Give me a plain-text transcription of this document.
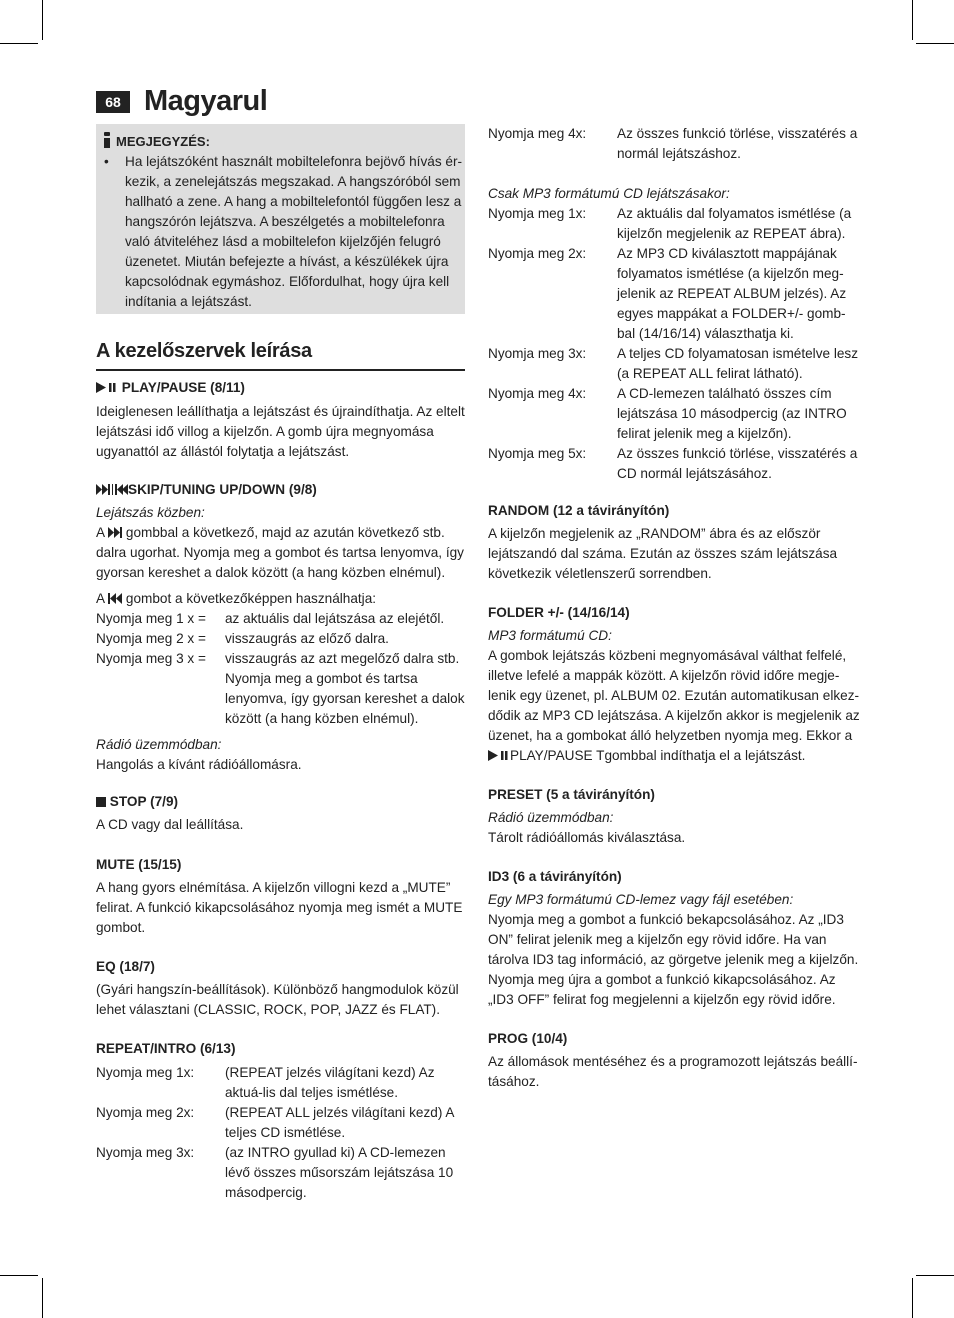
68 Magyarul
MEGJEGYZÉS:
• Ha lejátszóként használt mobiltelefonra bejövő hívás ér-kezik, a zenelejátszás megszakad. A hangszóróból sem hallható a zene. A hang a mobiltelefontól függően lesz a hangszórón lejátszva. A beszélgetés a mobiltelefonra való átviteléhez lásd a mobiltelefon kijelzőjén felugró üzenetet. Miután befejezte a hívást, a készülékek újra kapcsolódnak egymáshoz. Előfordulhat, hogy újra kell indítania a lejátszást.
A kezelőszervek leírása
PLAY/PAUSE (8/11)

Ideiglenesen leállíthatja a lejátszást és újraindíthatja. Az eltelt lejátszási idő villog a kijelzőn. A gomb újra megnyomása ugyanattól az állástól folytatja a lejátszást.

SKIP/TUNING UP/DOWN (9/8)

Lejátszás közben:

A gombbal a következő, majd az azután következő stb. dalra ugorhat. Nyomja meg a gombot és tartsa lenyomva, így gyorsan kereshet a dalok között (a hang közben elnémul).

A gombot a következőképpen használhatja:

Nyomja meg 1 x = az aktuális dal lejátszása az elejétől.
Nyomja meg 2 x = visszaugrás az előző dalra.
Nyomja meg 3 x = visszaugrás az azt megelőző dalra stb. Nyomja meg a gombot és tartsa lenyomva, így gyorsan kereshet a dalok között (a hang közben elnémul).

Rádió üzemmódban:

Hangolás a kívánt rádióállomásra.

STOP (7/9)

A CD vagy dal leállítása.

MUTE (15/15)

A hang gyors elnémítása. A kijelzőn villogni kezd a „MUTE” felirat. A funkció kikapcsolásához nyomja meg ismét a MUTE gombot.

EQ (18/7)

(Gyári hangszín-beállítások). Különböző hangmodulok közül lehet választani (CLASSIC, ROCK, POP, JAZZ és FLAT).

REPEAT/INTRO (6/13)
Nyomja meg 1x: (REPEAT jelzés világítani kezd) Az aktuá-lis dal teljes ismétlése.
Nyomja meg 2x: (REPEAT ALL jelzés világítani kezd) A teljes CD ismétlése.
Nyomja meg 3x: (az INTRO gyullad ki) A CD-lemezen lévő összes műsorszám lejátszása 10 másodpercig.
Nyomja meg 4x: Az összes funkció törlése, visszatérés a normál lejátszáshoz.

Csak MP3 formátumú CD lejátszásakor:

Nyomja meg 1x: Az aktuális dal folyamatos ismétlése (a kijelzőn megjelenik az REPEAT ábra).
Nyomja meg 2x: Az MP3 CD kiválasztott mappájának folyamatos ismétlése (a kijelzőn meg-jelenik az REPEAT ALBUM jelzés). Az egyes mappákat a FOLDER+/- gomb-bal (14/16/14) választhatja ki.
Nyomja meg 3x: A teljes CD folyamatosan ismételve lesz (a REPEAT ALL felirat látható).
Nyomja meg 4x: A CD-lemezen található összes cím lejátszása 10 másodpercig (az INTRO felirat jelenik meg a kijelzőn).
Nyomja meg 5x: Az összes funkció törlése, visszatérés a CD normál lejátszásához.
RANDOM (12 a távirányítón)

A kijelzőn megjelenik az „RANDOM” ábra és az először lejátszandó dal száma. Ezután az összes szám lejátszása következik véletlenszerű sorrendben.

FOLDER +/- (14/16/14)

MP3 formátumú CD:

A gombok lejátszás közbeni megnyomásával válthat felfelé, illetve lefelé a mappák között. A kijelzőn rövid időre megje-lenik egy üzenet, pl. ALBUM 02. Ezután automatikusan elkez-dődik az MP3 CD lejátszása. A kijelzőn akkor is megjelenik az üzenet, ha a gombokat álló helyzetben nyomja meg. Ekkor a PLAY/PAUSE Tgombbal indíthatja el a lejátszást.

PRESET (5 a távirányítón)

Rádió üzemmódban:

Tárolt rádióállomás kiválasztása.

ID3 (6 a távirányítón)

Egy MP3 formátumú CD-lemez vagy fájl esetében:

Nyomja meg a gombot a funkció bekapcsolásához. Az „ID3 ON” felirat jelenik meg a kijelzőn egy rövid időre. Ha van tárolva ID3 tag információ, az görgetve jelenik meg a kijelzőn. Nyomja meg újra a gombot a funkció kikapcsolásához. Az „ID3 OFF” felirat fog megjelenni a kijelzőn egy rövid időre.

PROG (10/4)

Az állomások mentéséhez és a programozott lejátszás beállí-tásához.
